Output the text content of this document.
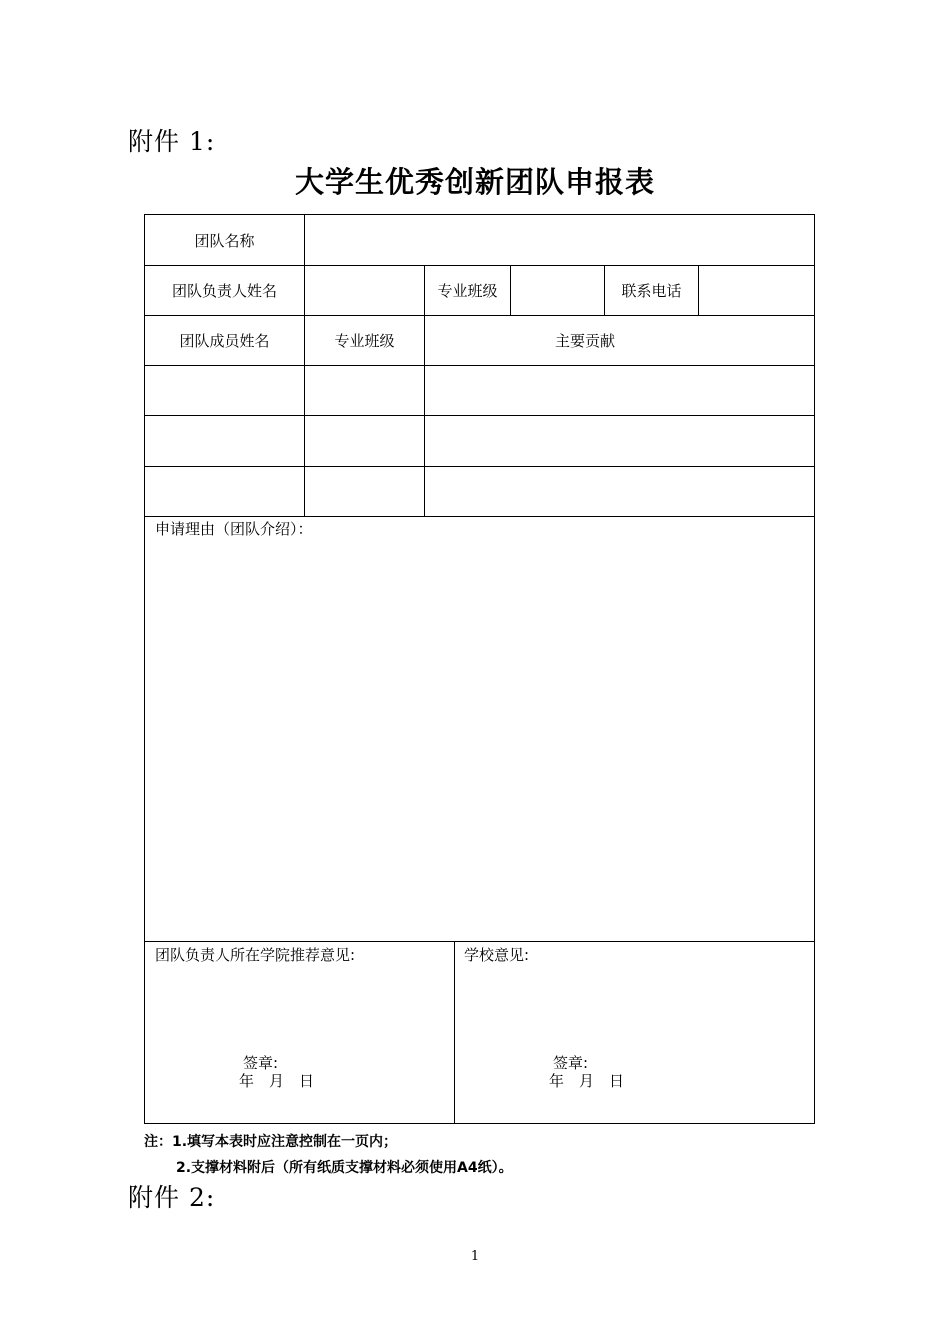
附件 1:
大学生优秀创新团队申报表
团队名称
团队负责人姓名	专业班级	联系电话
团队成员姓名	专业班级	主要贡献
申请理由（团队介绍）：
团队负责人所在学院推荐意见:
签章:
年　月　日
学校意见:
签章:
年　月　日
注：1.填写本表时应注意控制在一页内；
2.支撑材料附后（所有纸质支撑材料必须使用A4纸）。
附件 2:
1
